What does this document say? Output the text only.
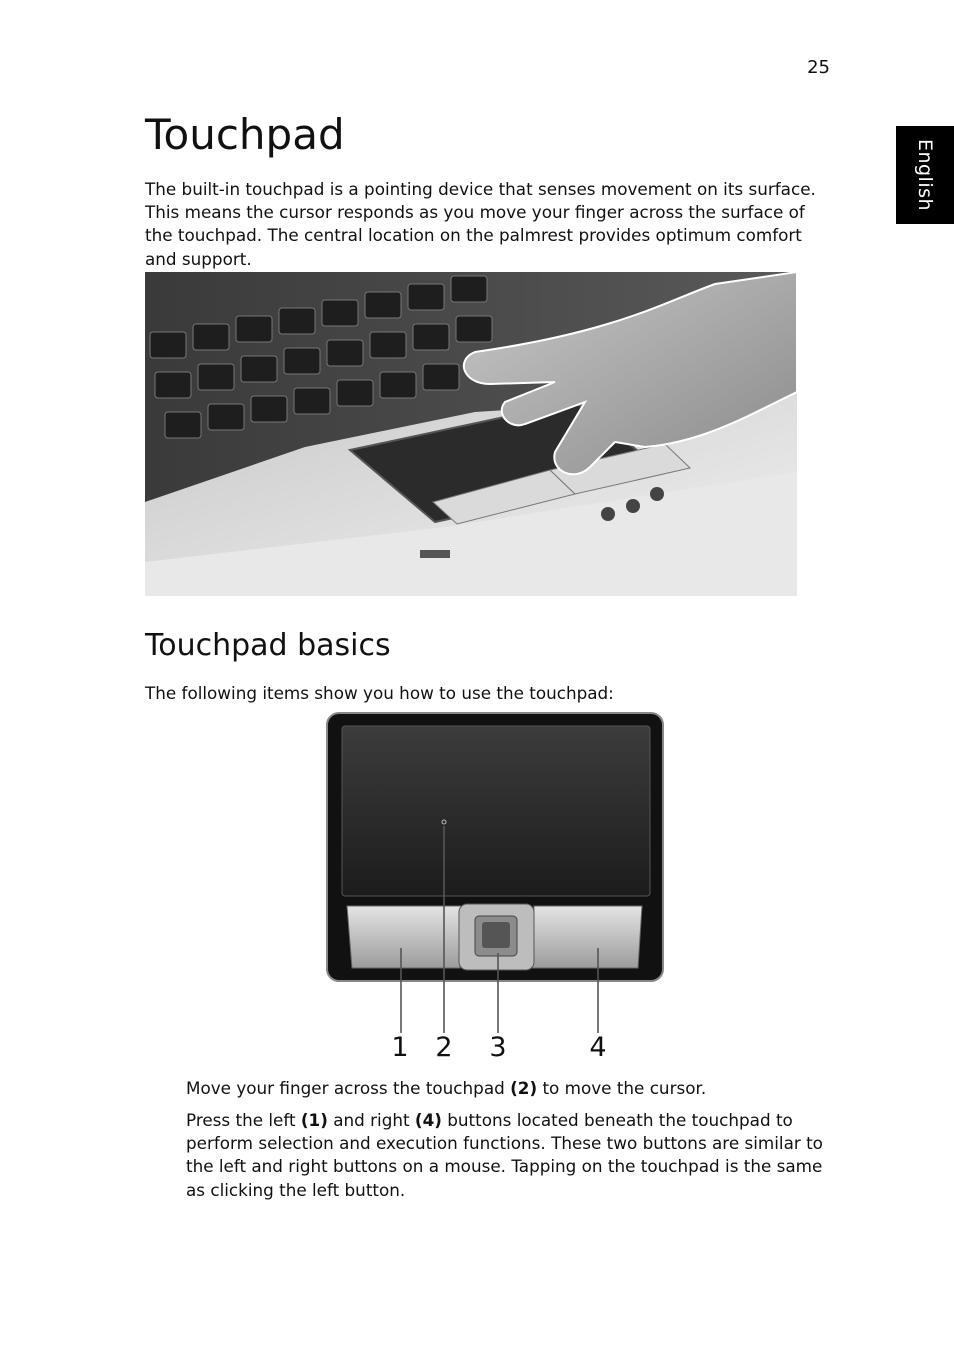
25
English
Touchpad

The built-in touchpad is a pointing device that senses movement on its surface. This means the cursor responds as you move your finger across the surface of the touchpad. The central location on the palmrest provides optimum comfort and support.

Touchpad basics

The following items show you how to use the touchpad:

1 2 3	4

Move your finger across the touchpad (2) to move the cursor.

Press the left (1) and right (4) buttons located beneath the touchpad to perform selection and execution functions. These two buttons are similar to the left and right buttons on a mouse. Tapping on the touchpad is the same as clicking the left button.
